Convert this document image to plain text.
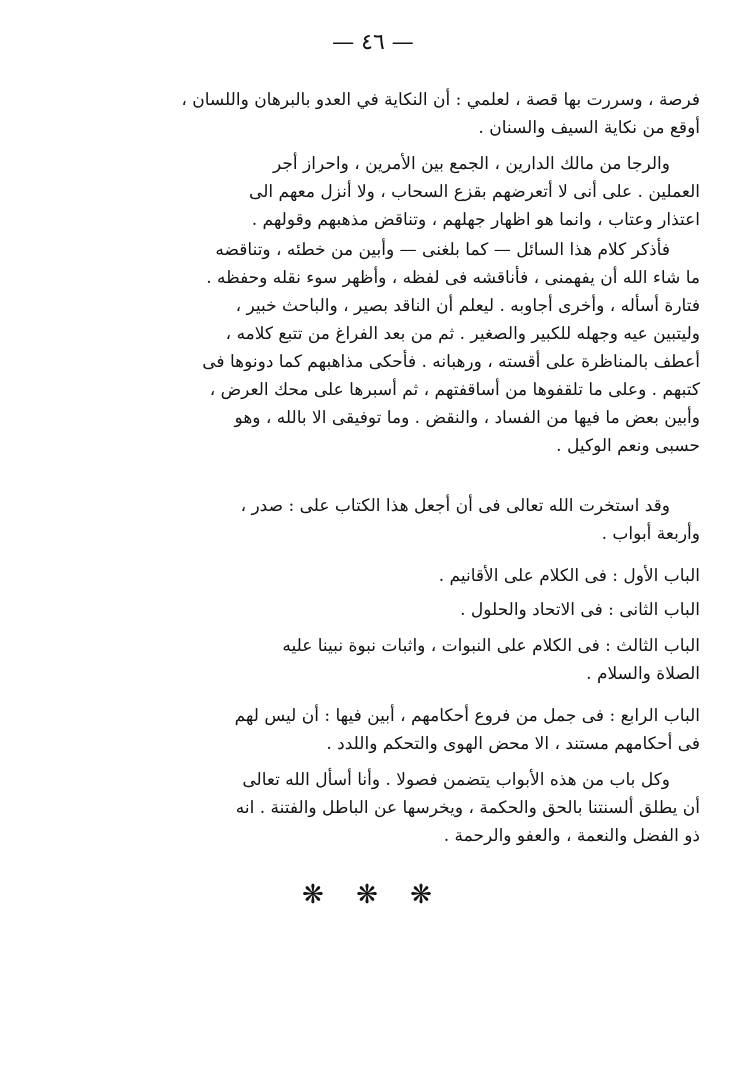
— ٤٦ —
فرصة ، وسررت بها قصة ، لعلمي : أن النكاية في العدو بالبرهان واللسان ،
أوقع من نكاية السيف والسنان .
والرجا من مالك الدارين ، الجمع بين الأمرين ، واحراز أجر
العملين . على أنى لا أتعرضهم بقزع السحاب ، ولا أنزل معهم الى
اعتذار وعتاب ، وانما هو اظهار جهلهم ، وتناقض مذهبهم وقولهم .
فأذكر كلام هذا السائل — كما بلغنى — وأبين من خطئه ، وتناقضه
ما شاء الله أن يفهمنى ، فأناقشه فى لفظه ، وأظهر سوء نقله وحفظه .
فتارة أسأله ، وأخرى أجاوبه . ليعلم أن الناقد بصير ، والباحث خبير ،
وليتبين عيه وجهله للكبير والصغير . ثم من بعد الفراغ من تتبع كلامه ،
أعطف بالمناظرة على أقسته ، ورهبانه . فأحكى مذاهبهم كما دونوها فى
كتبهم . وعلى ما تلقفوها من أساقفتهم ، ثم أسبرها على محك العرض ،
وأبين بعض ما فيها من الفساد ، والنقض . وما توفيقى الا بالله ، وهو
حسبى ونعم الوكيل .
وقد استخرت الله تعالى فى أن أجعل هذا الكتاب على : صدر ،
وأربعة أبواب .
الباب الأول : فى الكلام على الأقانيم .
الباب الثانى : فى الاتحاد والحلول .
الباب الثالث : فى الكلام على النبوات ، واثبات نبوة نبينا عليه
الصلاة والسلام .
الباب الرابع : فى جمل من فروع أحكامهم ، أبين فيها : أن ليس لهم
فى أحكامهم مستند ، الا محض الهوى والتحكم واللدد .
وكل باب من هذه الأبواب يتضمن فصولا . وأنا أسأل الله تعالى
أن يطلق ألسنتنا بالحق والحكمة ، ويخرسها عن الباطل والفتنة . انه
ذو الفضل والنعمة ، والعفو والرحمة .
❋ ❋ ❋
